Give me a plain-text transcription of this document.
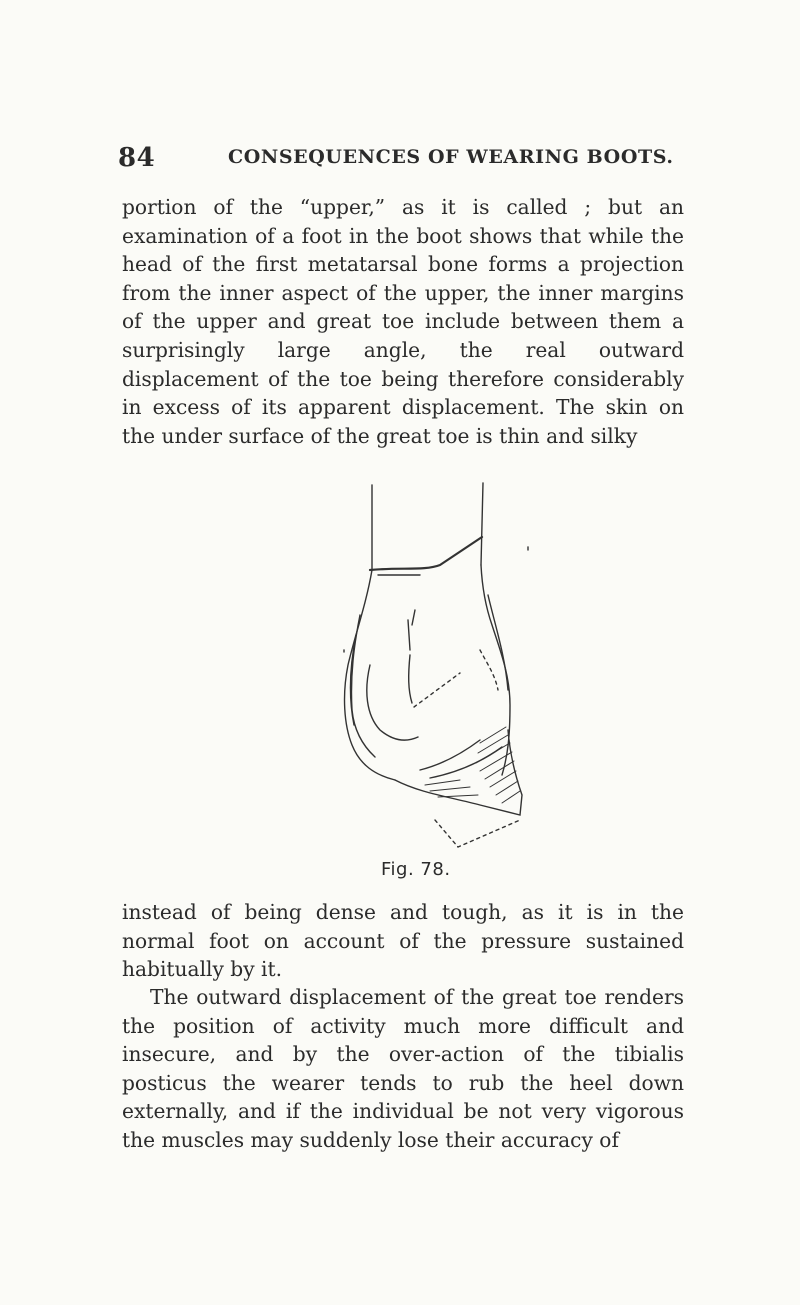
84	CONSEQUENCES OF WEARING BOOTS.

portion of the “upper,” as it is called ; but an examination of a foot in the boot shows that while the head of the first metatarsal bone forms a projection from the inner aspect of the upper, the inner margins of the upper and great toe include between them a surprisingly large angle, the real outward displacement of the toe being therefore considerably in excess of its apparent displacement. The skin on the under surface of the great toe is thin and silky

Fig. 78.

instead of being dense and tough, as it is in the normal foot on account of the pressure sustained habitually by it.

The outward displacement of the great toe renders the position of activity much more difficult and insecure, and by the over-action of the tibialis posticus the wearer tends to rub the heel down externally, and if the individual be not very vigorous the muscles may suddenly lose their accuracy of
